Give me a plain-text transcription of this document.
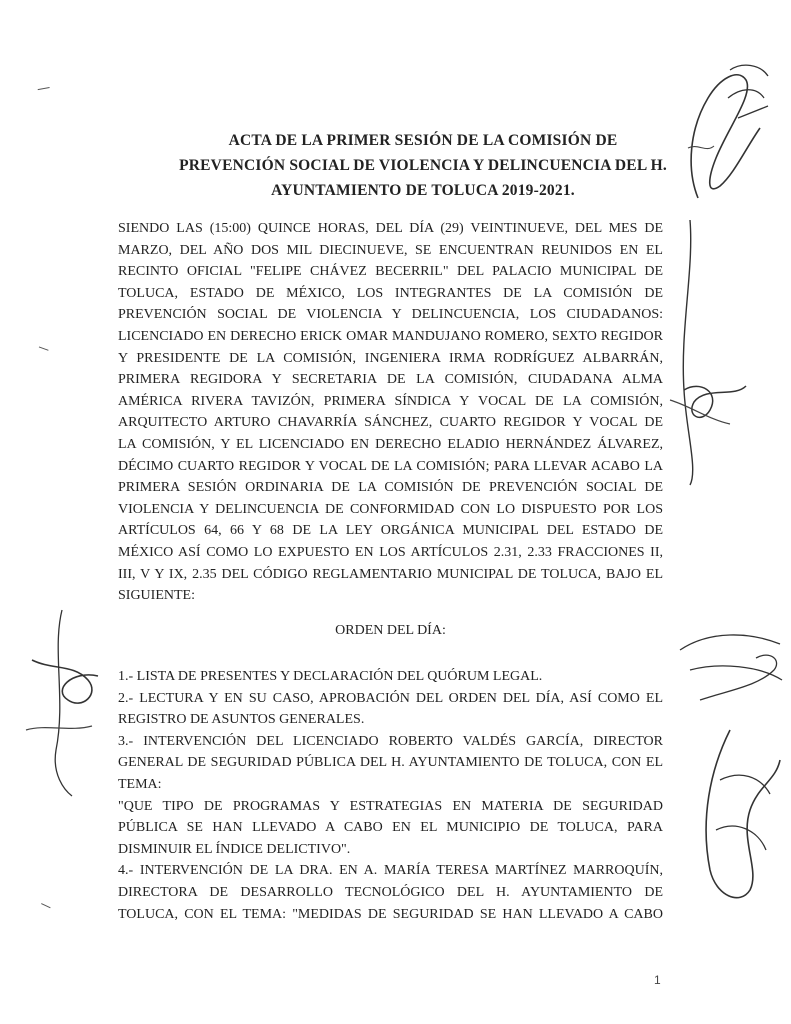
ACTA DE LA PRIMER SESIÓN DE LA COMISIÓN DE
PREVENCIÓN SOCIAL DE VIOLENCIA Y DELINCUENCIA DEL H.
AYUNTAMIENTO DE TOLUCA 2019-2021.
SIENDO LAS (15:00) QUINCE HORAS, DEL DÍA (29) VEINTINUEVE, DEL MES DE
MARZO, DEL AÑO DOS MIL DIECINUEVE, SE ENCUENTRAN REUNIDOS EN EL
RECINTO OFICIAL "FELIPE CHÁVEZ BECERRIL" DEL PALACIO MUNICIPAL DE
TOLUCA, ESTADO DE MÉXICO, LOS INTEGRANTES DE LA COMISIÓN DE
PREVENCIÓN SOCIAL DE VIOLENCIA Y DELINCUENCIA, LOS CIUDADANOS:
LICENCIADO EN DERECHO ERICK OMAR MANDUJANO ROMERO, SEXTO REGIDOR
Y PRESIDENTE DE LA COMISIÓN, INGENIERA IRMA RODRÍGUEZ ALBARRÁN,
PRIMERA REGIDORA Y SECRETARIA DE LA COMISIÓN, CIUDADANA ALMA
AMÉRICA RIVERA TAVIZÓN, PRIMERA SÍNDICA Y VOCAL DE LA COMISIÓN,
ARQUITECTO ARTURO CHAVARRÍA SÁNCHEZ, CUARTO REGIDOR Y VOCAL DE
LA COMISIÓN, Y EL LICENCIADO EN DERECHO ELADIO HERNÁNDEZ ÁLVAREZ,
DÉCIMO CUARTO REGIDOR Y VOCAL DE LA COMISIÓN; PARA LLEVAR ACABO LA
PRIMERA SESIÓN ORDINARIA DE LA COMISIÓN DE PREVENCIÓN SOCIAL DE
VIOLENCIA Y DELINCUENCIA DE CONFORMIDAD CON LO DISPUESTO POR LOS
ARTÍCULOS 64, 66 Y 68 DE LA LEY ORGÁNICA MUNICIPAL DEL ESTADO DE
MÉXICO ASÍ COMO LO EXPUESTO EN LOS ARTÍCULOS 2.31, 2.33 FRACCIONES II,
III, V Y IX, 2.35 DEL CÓDIGO REGLAMENTARIO MUNICIPAL DE TOLUCA, BAJO EL
SIGUIENTE:
ORDEN DEL DÍA:
1.- LISTA DE PRESENTES Y DECLARACIÓN DEL QUÓRUM LEGAL.
2.- LECTURA Y EN SU CASO, APROBACIÓN DEL ORDEN DEL DÍA, ASÍ COMO EL
REGISTRO DE ASUNTOS GENERALES.
3.- INTERVENCIÓN DEL LICENCIADO ROBERTO VALDÉS GARCÍA, DIRECTOR
GENERAL DE SEGURIDAD PÚBLICA DEL H. AYUNTAMIENTO DE TOLUCA, CON EL
TEMA:
"QUE TIPO DE PROGRAMAS Y ESTRATEGIAS EN MATERIA DE SEGURIDAD
PÚBLICA SE HAN LLEVADO A CABO EN EL MUNICIPIO DE TOLUCA, PARA
DISMINUIR EL ÍNDICE DELICTIVO".
4.- INTERVENCIÓN DE LA DRA. EN A. MARÍA TERESA MARTÍNEZ MARROQUÍN,
DIRECTORA DE DESARROLLO TECNOLÓGICO DEL H. AYUNTAMIENTO DE
TOLUCA, CON EL TEMA: "MEDIDAS DE SEGURIDAD SE HAN LLEVADO A CABO
1
